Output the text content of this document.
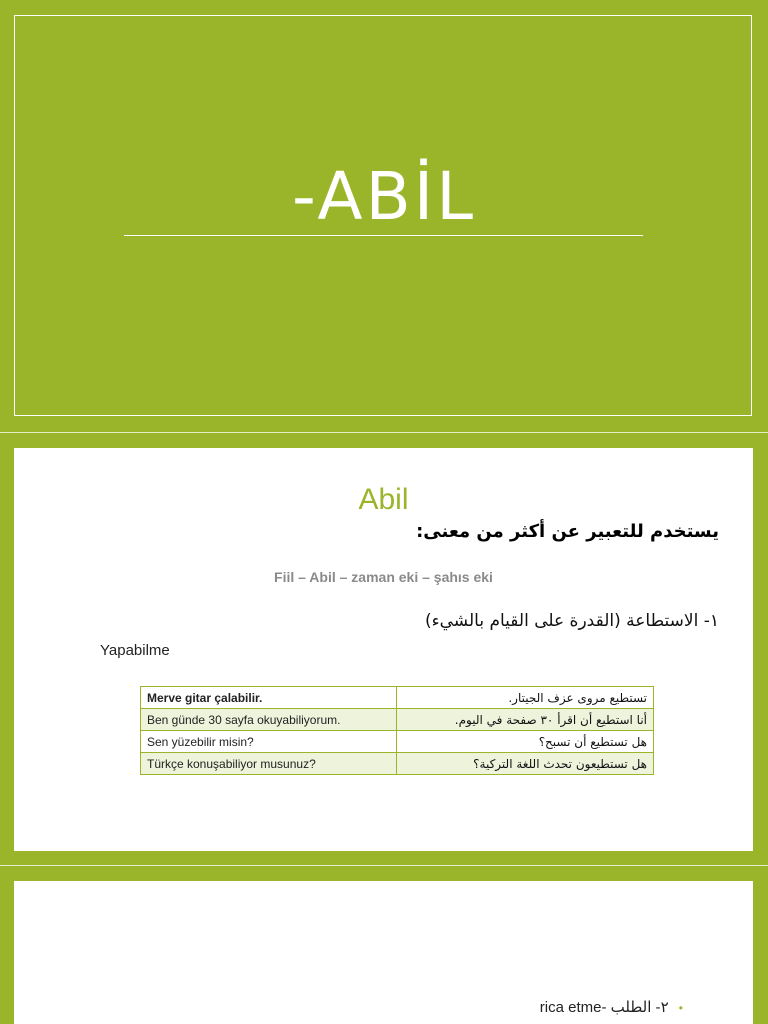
-ABİL
Abil
يستخدم للتعبير عن أكثر من معنى:
Fiil – Abil – zaman eki – şahıs eki
١- الاستطاعة (القدرة على القيام بالشيء)
Yapabilme
Merve gitar çalabilir.	تستطيع مروى عزف الجيتار.
Ben günde 30 sayfa okuyabiliyorum.	أنا استطيع أن اقرأ ٣٠ صفحة في اليوم.
Sen yüzebilir misin?	هل تستطيع أن تسبح؟
Türkçe konuşabiliyor musunuz?	هل تستطيعون تحدث اللغة التركية؟
• ٢- الطلب -rica etme
